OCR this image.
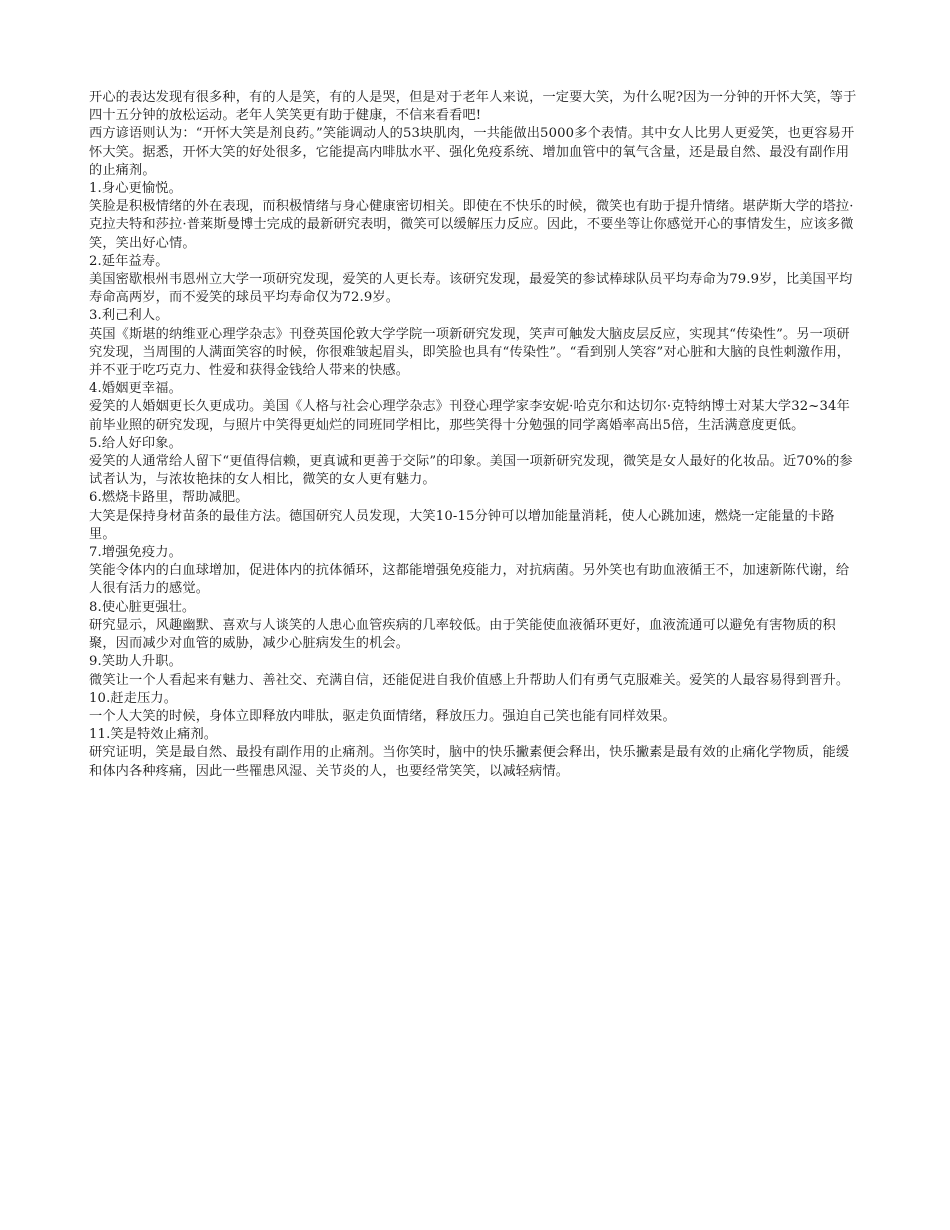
开心的表达发现有很多种，有的人是笑，有的人是哭，但是对于老年人来说，一定要大笑，为什么呢?因为一分钟的开怀大笑，等于四十五分钟的放松运动。老年人笑笑更有助于健康，不信来看看吧!

西方谚语则认为：“开怀大笑是剂良药。”笑能调动人的53块肌肉，一共能做出5000多个表情。其中女人比男人更爱笑，也更容易开怀大笑。据悉，开怀大笑的好处很多，它能提高内啡肽水平、强化免疫系统、增加血管中的氧气含量，还是最自然、最没有副作用的止痛剂。

1.身心更愉悦。

笑脸是积极情绪的外在表现，而积极情绪与身心健康密切相关。即使在不快乐的时候，微笑也有助于提升情绪。堪萨斯大学的塔拉·克拉夫特和莎拉·普莱斯曼博士完成的最新研究表明，微笑可以缓解压力反应。因此，不要坐等让你感觉开心的事情发生，应该多微笑，笑出好心情。

2.延年益寿。

美国密歇根州韦恩州立大学一项研究发现，爱笑的人更长寿。该研究发现，最爱笑的参试棒球队员平均寿命为79.9岁，比美国平均寿命高两岁，而不爱笑的球员平均寿命仅为72.9岁。

3.利己利人。

英国《斯堪的纳维亚心理学杂志》刊登英国伦敦大学学院一项新研究发现，笑声可触发大脑皮层反应，实现其“传染性”。另一项研究发现，当周围的人满面笑容的时候，你很难皱起眉头，即笑脸也具有“传染性”。“看到别人笑容”对心脏和大脑的良性刺激作用，并不亚于吃巧克力、性爱和获得金钱给人带来的快感。

4.婚姻更幸福。

爱笑的人婚姻更长久更成功。美国《人格与社会心理学杂志》刊登心理学家李安妮·哈克尔和达切尔·克特纳博士对某大学32~34年前毕业照的研究发现，与照片中笑得更灿烂的同班同学相比，那些笑得十分勉强的同学离婚率高出5倍，生活满意度更低。

5.给人好印象。

爱笑的人通常给人留下“更值得信赖，更真诚和更善于交际”的印象。美国一项新研究发现，微笑是女人最好的化妆品。近70%的参试者认为，与浓妆艳抹的女人相比，微笑的女人更有魅力。

6.燃烧卡路里，帮助减肥。

大笑是保持身材苗条的最佳方法。德国研究人员发现，大笑10-15分钟可以增加能量消耗，使人心跳加速，燃烧一定能量的卡路里。

7.增强免疫力。

笑能令体内的白血球增加，促进体内的抗体循环，这都能增强免疫能力，对抗病菌。另外笑也有助血液循王不，加速新陈代谢，给人很有活力的感觉。

8.使心脏更强壮。

研究显示，风趣幽默、喜欢与人谈笑的人患心血管疾病的几率较低。由于笑能使血液循环更好，血液流通可以避免有害物质的积聚，因而减少对血管的威胁，减少心脏病发生的机会。

9.笑助人升职。

微笑让一个人看起来有魅力、善社交、充满自信，还能促进自我价值感上升帮助人们有勇气克服难关。爱笑的人最容易得到晋升。

10.赶走压力。

一个人大笑的时候，身体立即释放内啡肽，驱走负面情绪，释放压力。强迫自己笑也能有同样效果。

11.笑是特效止痛剂。

研究证明，笑是最自然、最投有副作用的止痛剂。当你笑时，脑中的快乐撇素便会释出，快乐撇素是最有效的止痛化学物质，能缓和体内各种疼痛，因此一些罹患风湿、关节炎的人，也要经常笑笑，以减轻病情。
